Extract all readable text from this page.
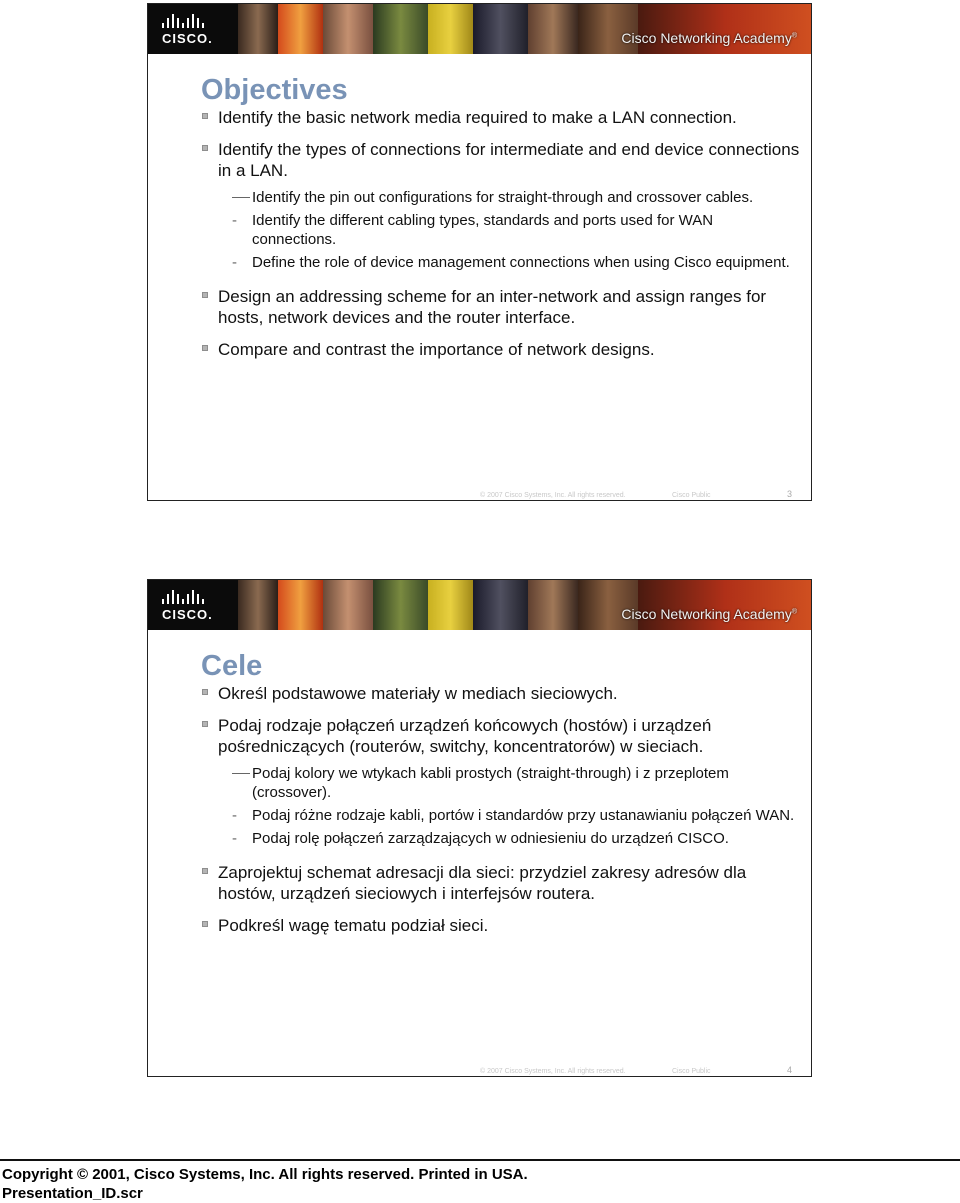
CISCO.	Cisco Networking Academy®
Objectives
Identify the basic network media required to make a LAN connection.
Identify the types of connections for intermediate and end device connections in a LAN.
Identify the pin out configurations for straight-through and crossover cables.
- Identify the different cabling types, standards and ports used for WAN connections.
- Define the role of device management connections when using Cisco equipment.
Design an addressing scheme for an inter-network and assign ranges for hosts, network devices and the router interface.
Compare and contrast the importance of network designs.
© 2007 Cisco Systems, Inc. All rights reserved.	Cisco Public	3
CISCO.	Cisco Networking Academy®
Cele
Określ podstawowe materiały w mediach sieciowych.
Podaj rodzaje połączeń urządzeń końcowych (hostów) i urządzeń pośredniczących (routerów, switchy, koncentratorów) w sieciach.
Podaj kolory we wtykach kabli prostych (straight-through) i z przeplotem (crossover).
- Podaj różne rodzaje kabli, portów i standardów przy ustanawianiu połączeń WAN.
- Podaj rolę połączeń zarządzających w odniesieniu do urządzeń CISCO.
Zaprojektuj schemat adresacji dla sieci: przydziel zakresy adresów dla hostów, urządzeń sieciowych i interfejsów routera.
Podkreśl wagę tematu podział sieci.
© 2007 Cisco Systems, Inc. All rights reserved.	Cisco Public	4
Copyright © 2001, Cisco Systems, Inc. All rights reserved. Printed in USA.
Presentation_ID.scr
